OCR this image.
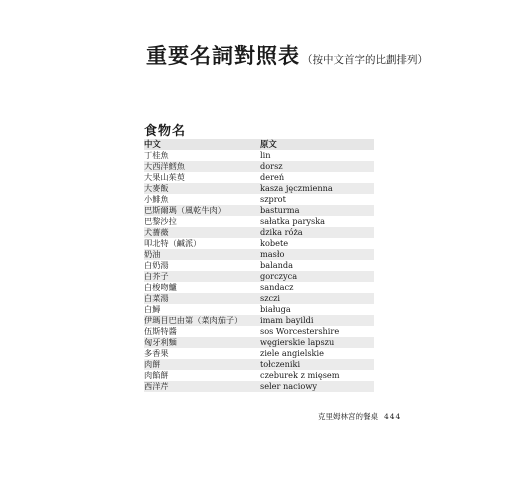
重要名詞對照表 （按中文首字的比劃排列）
食物名
中文	原文
丁桂魚	lin
大西洋鱈魚	dorsz
大果山茱萸	dereń
大麥飯	kasza jęczmienna
小鯡魚	szprot
巴斯爾瑪（風乾牛肉）	basturma
巴黎沙拉	sałatka paryska
犬薔薇	dzika róża
叩北特（鹹派）	kobete
奶油	masło
白奶湯	balanda
白芥子	gorczyca
白梭吻鱸	sandacz
白菜湯	szczi
白鱘	białuga
伊瑪目巴由第（菜肉茄子）	imam bayildi
伍斯特醬	sos Worcestershire
匈牙利麵	węgierskie lapszu
多香果	ziele angielskie
肉餅	tołczeniki
肉餡餅	czeburek z mięsem
西洋芹	seler naciowy
克里姆林宮的餐桌 444
